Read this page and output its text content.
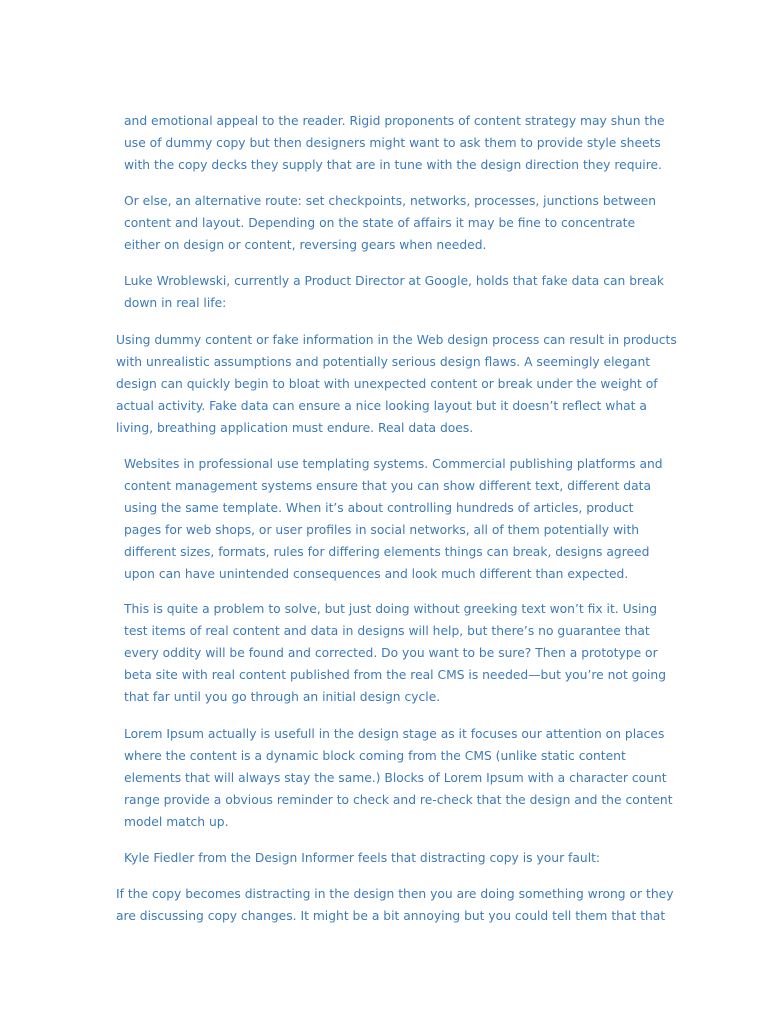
and emotional appeal to the reader. Rigid proponents of content strategy may shun the
use of dummy copy but then designers might want to ask them to provide style sheets
with the copy decks they supply that are in tune with the design direction they require.

Or else, an alternative route: set checkpoints, networks, processes, junctions between
content and layout. Depending on the state of affairs it may be fine to concentrate
either on design or content, reversing gears when needed.

Luke Wroblewski, currently a Product Director at Google, holds that fake data can break
down in real life:

Using dummy content or fake information in the Web design process can result in products
with unrealistic assumptions and potentially serious design flaws. A seemingly elegant
design can quickly begin to bloat with unexpected content or break under the weight of
actual activity. Fake data can ensure a nice looking layout but it doesn’t reflect what a
living, breathing application must endure. Real data does.

Websites in professional use templating systems. Commercial publishing platforms and
content management systems ensure that you can show different text, different data
using the same template. When it’s about controlling hundreds of articles, product
pages for web shops, or user profiles in social networks, all of them potentially with
different sizes, formats, rules for differing elements things can break, designs agreed
upon can have unintended consequences and look much different than expected.

This is quite a problem to solve, but just doing without greeking text won’t fix it. Using
test items of real content and data in designs will help, but there’s no guarantee that
every oddity will be found and corrected. Do you want to be sure? Then a prototype or
beta site with real content published from the real CMS is needed—but you’re not going
that far until you go through an initial design cycle.

Lorem Ipsum actually is usefull in the design stage as it focuses our attention on places
where the content is a dynamic block coming from the CMS (unlike static content
elements that will always stay the same.) Blocks of Lorem Ipsum with a character count
range provide a obvious reminder to check and re-check that the design and the content
model match up.

Kyle Fiedler from the Design Informer feels that distracting copy is your fault:

If the copy becomes distracting in the design then you are doing something wrong or they
are discussing copy changes. It might be a bit annoying but you could tell them that that
